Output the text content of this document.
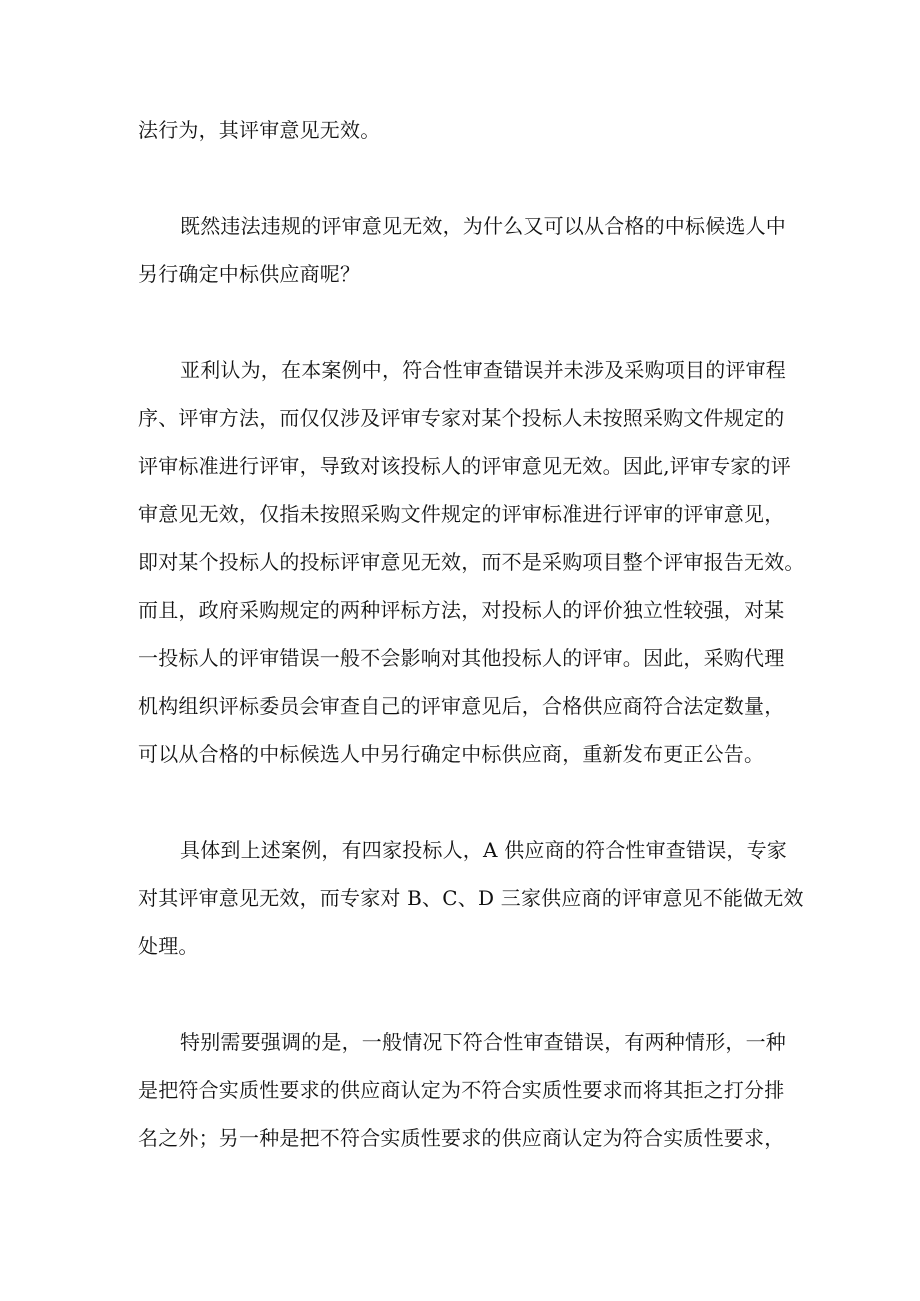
法行为，其评审意见无效。

既然违法违规的评审意见无效，为什么又可以从合格的中标候选人中

另行确定中标供应商呢？

亚利认为，在本案例中，符合性审查错误并未涉及采购项目的评审程

序、评审方法，而仅仅涉及评审专家对某个投标人未按照采购文件规定的

评审标准进行评审，导致对该投标人的评审意见无效。因此,评审专家的评

审意见无效，仅指未按照采购文件规定的评审标准进行评审的评审意见，

即对某个投标人的投标评审意见无效，而不是采购项目整个评审报告无效。

而且，政府采购规定的两种评标方法，对投标人的评价独立性较强，对某

一投标人的评审错误一般不会影响对其他投标人的评审。因此，采购代理

机构组织评标委员会审查自己的评审意见后，合格供应商符合法定数量，

可以从合格的中标候选人中另行确定中标供应商，重新发布更正公告。

具体到上述案例，有四家投标人，A 供应商的符合性审查错误，专家

对其评审意见无效，而专家对 B、C、D 三家供应商的评审意见不能做无效

处理。

特别需要强调的是，一般情况下符合性审查错误，有两种情形，一种

是把符合实质性要求的供应商认定为不符合实质性要求而将其拒之打分排

名之外；另一种是把不符合实质性要求的供应商认定为符合实质性要求，
